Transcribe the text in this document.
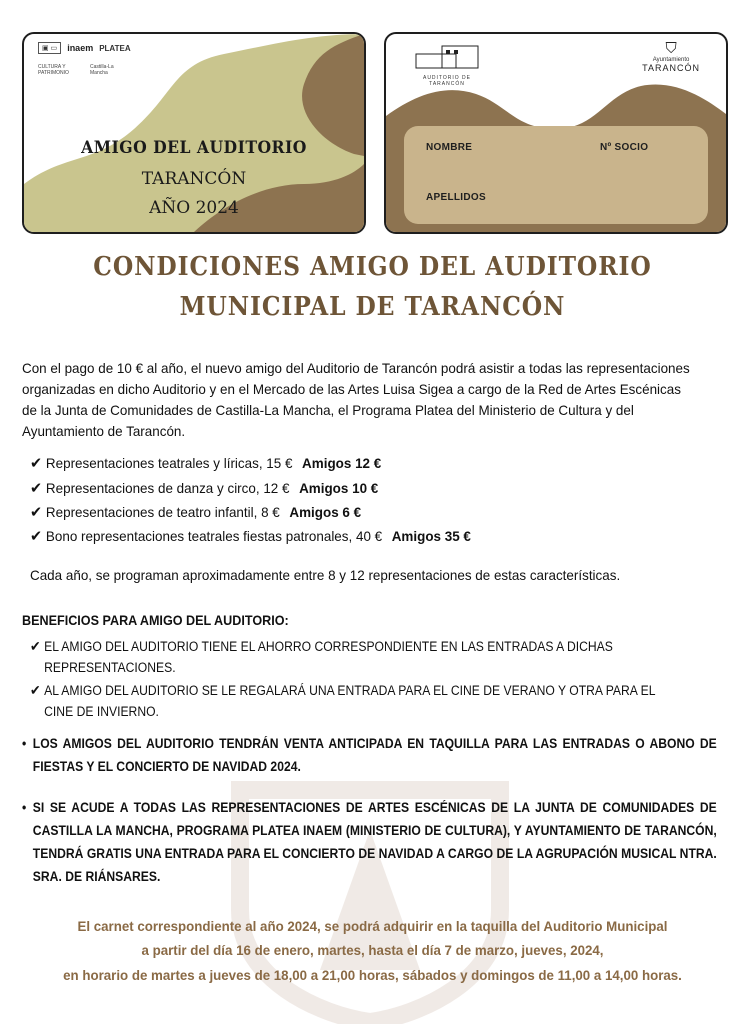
▣ ▭	inaem PLATEA
CULTURA Y PATRIMONIO
Castilla-La Mancha
AMIGO DEL AUDITORIO
TARANCÓN
AÑO 2024
AUDITORIO DE TARANCÓN
⛉
Ayuntamiento
TARANCÓN
NOMBRE	Nº SOCIO
APELLIDOS
CONDICIONES AMIGO DEL AUDITORIO
MUNICIPAL DE TARANCÓN
Con el pago de 10 € al año, el nuevo amigo del Auditorio de Tarancón podrá asistir a todas las representaciones organizadas en dicho Auditorio y en el Mercado de las Artes Luisa Sigea a cargo de la Red de Artes Escénicas de la Junta de Comunidades de Castilla-La Mancha, el Programa Platea del Ministerio de Cultura y del Ayuntamiento de Tarancón.
✔ Representaciones teatrales y líricas, 15 € Amigos 12 €
✔ Representaciones de danza y circo, 12 € Amigos 10 €
✔ Representaciones de teatro infantil, 8 € Amigos 6 €
✔ Bono representaciones teatrales fiestas patronales, 40 € Amigos 35 €
Cada año, se programan aproximadamente entre 8 y 12 representaciones de estas características.
BENEFICIOS PARA AMIGO DEL AUDITORIO:
✔ EL AMIGO DEL AUDITORIO TIENE EL AHORRO CORRESPONDIENTE EN LAS ENTRADAS A DICHAS REPRESENTACIONES.
✔ AL AMIGO DEL AUDITORIO SE LE REGALARÁ UNA ENTRADA PARA EL CINE DE VERANO Y OTRA PARA EL CINE DE INVIERNO.
• LOS AMIGOS DEL AUDITORIO TENDRÁN VENTA ANTICIPADA EN TAQUILLA PARA LAS ENTRADAS O ABONO DE FIESTAS Y EL CONCIERTO DE NAVIDAD 2024.
• SI SE ACUDE A TODAS LAS REPRESENTACIONES DE ARTES ESCÉNICAS DE LA JUNTA DE COMUNIDADES DE CASTILLA LA MANCHA, PROGRAMA PLATEA INAEM (MINISTERIO DE CULTURA), Y AYUNTAMIENTO DE TARANCÓN, TENDRÁ GRATIS UNA ENTRADA PARA EL CONCIERTO DE NAVIDAD A CARGO DE LA AGRUPACIÓN MUSICAL NTRA. SRA. DE RIÁNSARES.
El carnet correspondiente al año 2024, se podrá adquirir en la taquilla del Auditorio Municipal
a partir del día 16 de enero, martes, hasta el día 7 de marzo, jueves, 2024,
en horario de martes a jueves de 18,00 a 21,00 horas, sábados y domingos de 11,00 a 14,00 horas.
